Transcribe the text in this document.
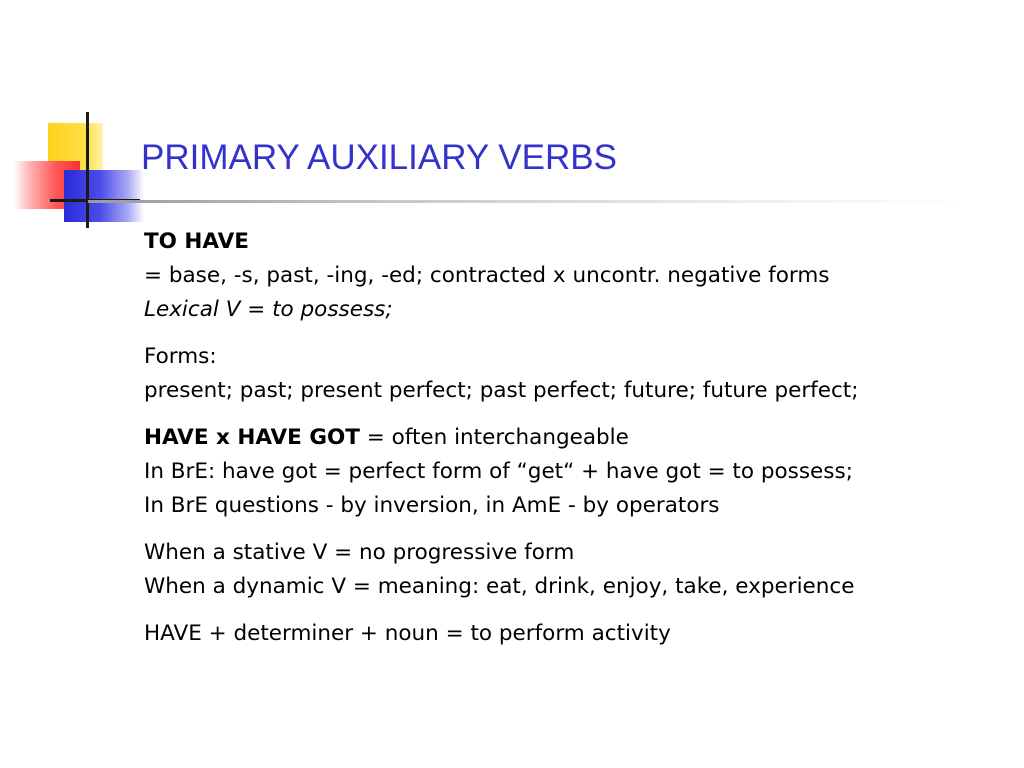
PRIMARY AUXILIARY VERBS
TO HAVE
= base, -s, past, -ing, -ed; contracted x uncontr. negative forms
Lexical V = to possess;
Forms:
present; past; present perfect; past perfect; future; future perfect;
HAVE x HAVE GOT = often interchangeable
In BrE: have got = perfect form of “get“ + have got = to possess;
In BrE questions - by inversion, in AmE - by operators
When a stative V = no progressive form
When a dynamic V = meaning: eat, drink, enjoy, take, experience
HAVE + determiner + noun = to perform activity
